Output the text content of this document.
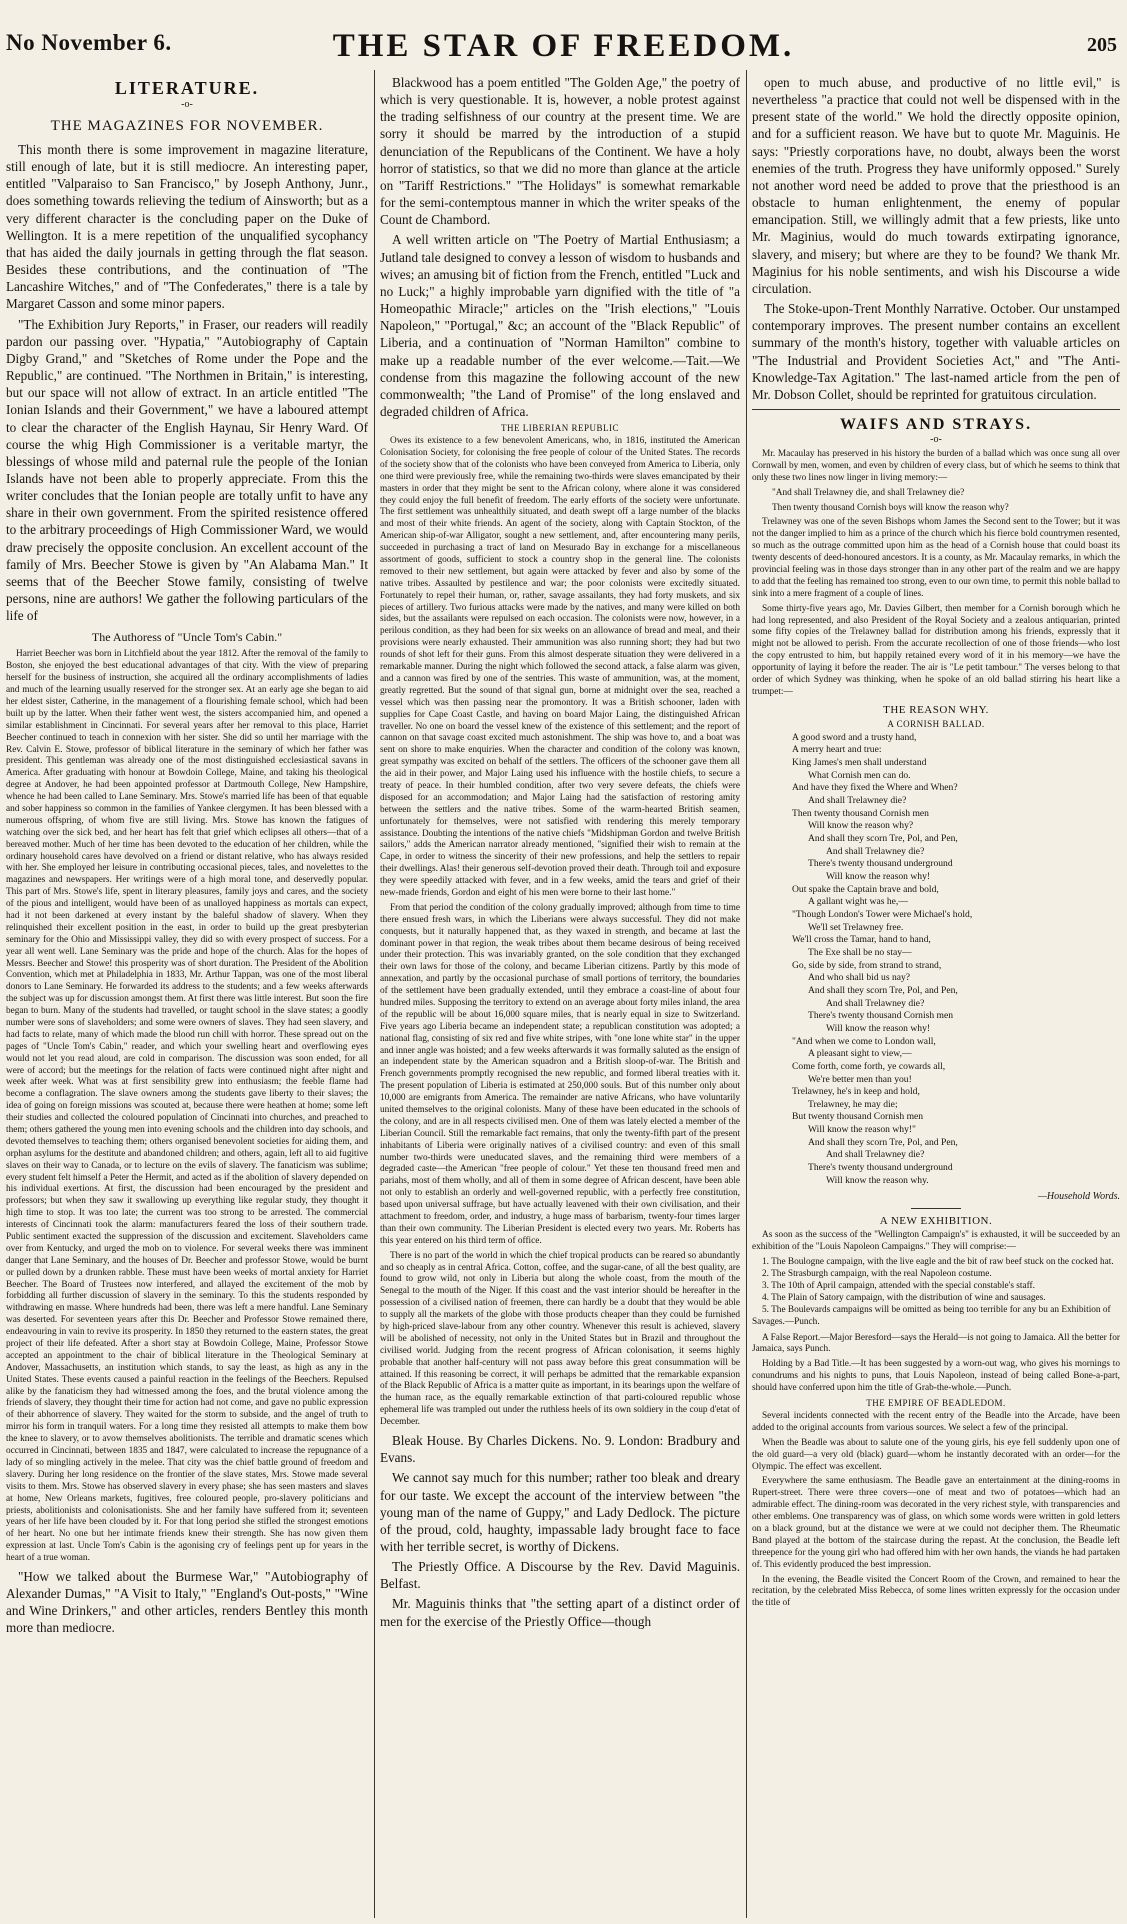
No November 6.	THE STAR OF FREEDOM.	205
LITERATURE.
-o-
THE MAGAZINES FOR NOVEMBER.

This month there is some improvement in magazine literature, still enough of late, but it is still mediocre. An interesting paper, entitled "Valparaiso to San Francisco," by Joseph Anthony, Junr., does something towards relieving the tedium of Ainsworth; but as a very different character is the concluding paper on the Duke of Wellington. It is a mere repetition of the unqualified sycophancy that has aided the daily journals in getting through the flat season. Besides these contributions, and the continuation of "The Lancashire Witches," and of "The Confederates," there is a tale by Margaret Casson and some minor papers.

"The Exhibition Jury Reports," in Fraser, our readers will readily pardon our passing over. "Hypatia," "Autobiography of Captain Digby Grand," and "Sketches of Rome under the Pope and the Republic," are continued. "The Northmen in Britain," is interesting, but our space will not allow of extract. In an article entitled "The Ionian Islands and their Government," we have a laboured attempt to clear the character of the English Haynau, Sir Henry Ward. Of course the whig High Commissioner is a veritable martyr, the blessings of whose mild and paternal rule the people of the Ionian Islands have not been able to properly appreciate. From this the writer concludes that the Ionian people are totally unfit to have any share in their own government. From the spirited resistence offered to the arbitrary proceedings of High Commissioner Ward, we would draw precisely the opposite conclusion. An excellent account of the family of Mrs. Beecher Stowe is given by "An Alabama Man." It seems that of the Beecher Stowe family, consisting of twelve persons, nine are authors! We gather the following particulars of the life of

The Authoress of "Uncle Tom's Cabin."

Harriet Beecher was born in Litchfield about the year 1812. After the removal of the family to Boston, she enjoyed the best educational advantages of that city. With the view of preparing herself for the business of instruction, she acquired all the ordinary accomplishments of ladies and much of the learning usually reserved for the stronger sex. At an early age she began to aid her eldest sister, Catherine, in the management of a flourishing female school, which had been built up by the latter. When their father went west, the sisters accompanied him, and opened a similar establishment in Cincinnati. For several years after her removal to this place, Harriet Beecher continued to teach in connexion with her sister. She did so until her marriage with the Rev. Calvin E. Stowe, professor of biblical literature in the seminary of which her father was president. This gentleman was already one of the most distinguished ecclesiastical savans in America. After graduating with honour at Bowdoin College, Maine, and taking his theological degree at Andover, he had been appointed professor at Dartmouth College, New Hampshire, whence he had been called to Lane Seminary. Mrs. Stowe's married life has been of that equable and sober happiness so common in the families of Yankee clergymen. It has been blessed with a numerous offspring, of whom five are still living. Mrs. Stowe has known the fatigues of watching over the sick bed, and her heart has felt that grief which eclipses all others—that of a bereaved mother. Much of her time has been devoted to the education of her children, while the ordinary household cares have devolved on a friend or distant relative, who has always resided with her. She employed her leisure in contributing occasional pieces, tales, and novelettes to the magazines and newspapers. Her writings were of a high moral tone, and deservedly popular. This part of Mrs. Stowe's life, spent in literary pleasures, family joys and cares, and the society of the pious and intelligent, would have been of as unalloyed happiness as mortals can expect, had it not been darkened at every instant by the baleful shadow of slavery. When they relinquished their excellent position in the east, in order to build up the great presbyterian seminary for the Ohio and Mississippi valley, they did so with every prospect of success. For a year all went well. Lane Seminary was the pride and hope of the church. Alas for the hopes of Messrs. Beecher and Stowe! this prosperity was of short duration. The President of the Abolition Convention, which met at Philadelphia in 1833, Mr. Arthur Tappan, was one of the most liberal donors to Lane Seminary. He forwarded its address to the students; and a few weeks afterwards the subject was up for discussion amongst them. At first there was little interest. But soon the fire began to burn. Many of the students had travelled, or taught school in the slave states; a goodly number were sons of slaveholders; and some were owners of slaves. They had seen slavery, and had facts to relate, many of which made the blood run chill with horror. These spread out on the pages of "Uncle Tom's Cabin," reader, and which your swelling heart and overflowing eyes would not let you read aloud, are cold in comparison. The discussion was soon ended, for all were of accord; but the meetings for the relation of facts were continued night after night and week after week. What was at first sensibility grew into enthusiasm; the feeble flame had become a conflagration. The slave owners among the students gave liberty to their slaves; the idea of going on foreign missions was scouted at, because there were heathen at home; some left their studies and collected the coloured population of Cincinnati into churches, and preached to them; others gathered the young men into evening schools and the children into day schools, and devoted themselves to teaching them; others organised benevolent societies for aiding them, and orphan asylums for the destitute and abandoned children; and others, again, left all to aid fugitive slaves on their way to Canada, or to lecture on the evils of slavery. The fanaticism was sublime; every student felt himself a Peter the Hermit, and acted as if the abolition of slavery depended on his individual exertions. At first, the discussion had been encouraged by the president and professors; but when they saw it swallowing up everything like regular study, they thought it high time to stop. It was too late; the current was too strong to be arrested. The commercial interests of Cincinnati took the alarm: manufacturers feared the loss of their southern trade. Public sentiment exacted the suppression of the discussion and excitement. Slaveholders came over from Kentucky, and urged the mob on to violence. For several weeks there was imminent danger that Lane Seminary, and the houses of Dr. Beecher and professor Stowe, would be burnt or pulled down by a drunken rabble. These must have been weeks of mortal anxiety for Harriet Beecher. The Board of Trustees now interfered, and allayed the excitement of the mob by forbidding all further discussion of slavery in the seminary. To this the students responded by withdrawing en masse. Where hundreds had been, there was left a mere handful. Lane Seminary was deserted. For seventeen years after this Dr. Beecher and Professor Stowe remained there, endeavouring in vain to revive its prosperity. In 1850 they returned to the eastern states, the great project of their life defeated. After a short stay at Bowdoin College, Maine, Professor Stowe accepted an appointment to the chair of biblical literature in the Theological Seminary at Andover, Massachusetts, an institution which stands, to say the least, as high as any in the United States. These events caused a painful reaction in the feelings of the Beechers. Repulsed alike by the fanaticism they had witnessed among the foes, and the brutal violence among the friends of slavery, they thought their time for action had not come, and gave no public expression of their abhorrence of slavery. They waited for the storm to subside, and the angel of truth to mirror his form in tranquil waters. For a long time they resisted all attempts to make them bow the knee to slavery, or to avow themselves abolitionists. The terrible and dramatic scenes which occurred in Cincinnati, between 1835 and 1847, were calculated to increase the repugnance of a lady of so mingling actively in the melee. That city was the chief battle ground of freedom and slavery. During her long residence on the frontier of the slave states, Mrs. Stowe made several visits to them. Mrs. Stowe has observed slavery in every phase; she has seen masters and slaves at home, New Orleans markets, fugitives, free coloured people, pro-slavery politicians and priests, abolitionists and colonisationists. She and her family have suffered from it; seventeen years of her life have been clouded by it. For that long period she stifled the strongest emotions of her heart. No one but her intimate friends knew their strength. She has now given them expression at last. Uncle Tom's Cabin is the agonising cry of feelings pent up for years in the heart of a true woman.

"How we talked about the Burmese War," "Autobiography of Alexander Dumas," "A Visit to Italy," "England's Out-posts," "Wine and Wine Drinkers," and other articles, renders Bentley this month more than mediocre.

Blackwood has a poem entitled "The Golden Age," the poetry of which is very questionable. It is, however, a noble protest against the trading selfishness of our country at the present time. We are sorry it should be marred by the introduction of a stupid denunciation of the Republicans of the Continent. We have a holy horror of statistics, so that we did no more than glance at the article on "Tariff Restrictions." "The Holidays" is somewhat remarkable for the semi-contemptous manner in which the writer speaks of the Count de Chambord.

A well written article on "The Poetry of Martial Enthusiasm; a Jutland tale designed to convey a lesson of wisdom to husbands and wives; an amusing bit of fiction from the French, entitled "Luck and no Luck;" a highly improbable yarn dignified with the title of "a Homeopathic Miracle;" articles on the "Irish elections," "Louis Napoleon," "Portugal," &c; an account of the "Black Republic" of Liberia, and a continuation of "Norman Hamilton" combine to make up a readable number of the ever welcome.—Tait.—We condense from this magazine the following account of the new commonwealth; "the Land of Promise" of the long enslaved and degraded children of Africa.

THE LIBERIAN REPUBLIC

Owes its existence to a few benevolent Americans, who, in 1816, instituted the American Colonisation Society, for colonising the free people of colour of the United States. The records of the society show that of the colonists who have been conveyed from America to Liberia, only one third were previously free, while the remaining two-thirds were slaves emancipated by their masters in order that they might be sent to the African colony, where alone it was considered they could enjoy the full benefit of freedom. The early efforts of the society were unfortunate. The first settlement was unhealthily situated, and death swept off a large number of the blacks and most of their white friends. An agent of the society, along with Captain Stockton, of the American ship-of-war Alligator, sought a new settlement, and, after encountering many perils, succeeded in purchasing a tract of land on Mesurado Bay in exchange for a miscellaneous assortment of goods, sufficient to stock a country shop in the general line. The colonists removed to their new settlement, but again were attacked by fever and also by some of the native tribes. Assaulted by pestilence and war; the poor colonists were excitedly situated. Fortunately to repel their human, or, rather, savage assailants, they had forty muskets, and six pieces of artillery. Two furious attacks were made by the natives, and many were killed on both sides, but the assailants were repulsed on each occasion. The colonists were now, however, in a perilous condition, as they had been for six weeks on an allowance of bread and meal, and their provisions were nearly exhausted. Their ammunition was also running short; they had but two rounds of shot left for their guns. From this almost desperate situation they were delivered in a remarkable manner. During the night which followed the second attack, a false alarm was given, and a cannon was fired by one of the sentries. This waste of ammunition, was, at the moment, greatly regretted. But the sound of that signal gun, borne at midnight over the sea, reached a vessel which was then passing near the promontory. It was a British schooner, laden with supplies for Cape Coast Castle, and having on board Major Laing, the distinguished African traveller. No one on board the vessel knew of the existence of this settlement; and the report of cannon on that savage coast excited much astonishment. The ship was hove to, and a boat was sent on shore to make enquiries. When the character and condition of the colony was known, great sympathy was excited on behalf of the settlers. The officers of the schooner gave them all the aid in their power, and Major Laing used his influence with the hostile chiefs, to secure a treaty of peace. In their humbled condition, after two very severe defeats, the chiefs were disposed for an accommodation; and Major Laing had the satisfaction of restoring amity between the settlers and the native tribes. Some of the warm-hearted British seamen, unfortunately for themselves, were not satisfied with rendering this merely temporary assistance. Doubting the intentions of the native chiefs "Midshipman Gordon and twelve British sailors," adds the American narrator already mentioned, "signified their wish to remain at the Cape, in order to witness the sincerity of their new professions, and help the settlers to repair their dwellings. Alas! their generous self-devotion proved their death. Through toil and exposure they were speedily attacked with fever, and in a few weeks, amid the tears and grief of their new-made friends, Gordon and eight of his men were borne to their last home."

From that period the condition of the colony gradually improved; although from time to time there ensued fresh wars, in which the Liberians were always successful. They did not make conquests, but it naturally happened that, as they waxed in strength, and became at last the dominant power in that region, the weak tribes about them became desirous of being received under their protection. This was invariably granted, on the sole condition that they exchanged their own laws for those of the colony, and became Liberian citizens. Partly by this mode of annexation, and partly by the occasional purchase of small portions of territory, the boundaries of the settlement have been gradually extended, until they embrace a coast-line of about four hundred miles. Supposing the territory to extend on an average about forty miles inland, the area of the republic will be about 16,000 square miles, that is nearly equal in size to Switzerland. Five years ago Liberia became an independent state; a republican constitution was adopted; a national flag, consisting of six red and five white stripes, with "one lone white star" in the upper and inner angle was hoisted; and a few weeks afterwards it was formally saluted as the ensign of an independent state by the American squadron and a British sloop-of-war. The British and French governments promptly recognised the new republic, and formed liberal treaties with it. The present population of Liberia is estimated at 250,000 souls. But of this number only about 10,000 are emigrants from America. The remainder are native Africans, who have voluntarily united themselves to the original colonists. Many of these have been educated in the schools of the colony, and are in all respects civilised men. One of them was lately elected a member of the Liberian Council. Still the remarkable fact remains, that only the twenty-fifth part of the present inhabitants of Liberia were originally natives of a civilised country: and even of this small number two-thirds were uneducated slaves, and the remaining third were members of a degraded caste—the American "free people of colour." Yet these ten thousand freed men and pariahs, most of them wholly, and all of them in some degree of African descent, have been able not only to establish an orderly and well-governed republic, with a perfectly free constitution, based upon universal suffrage, but have actually leavened with their own civilisation, and their attachment to freedom, order, and industry, a huge mass of barbarism, twenty-four times larger than their own community. The Liberian President is elected every two years. Mr. Roberts has this year entered on his third term of office.

There is no part of the world in which the chief tropical products can be reared so abundantly and so cheaply as in central Africa. Cotton, coffee, and the sugar-cane, of all the best quality, are found to grow wild, not only in Liberia but along the whole coast, from the mouth of the Senegal to the mouth of the Niger. If this coast and the vast interior should be hereafter in the possession of a civilised nation of freemen, there can hardly be a doubt that they would be able to supply all the markets of the globe with those products cheaper than they could be furnished by high-priced slave-labour from any other country. Whenever this result is achieved, slavery will be abolished of necessity, not only in the United States but in Brazil and throughout the civilised world. Judging from the recent progress of African colonisation, it seems highly probable that another half-century will not pass away before this great consummation will be attained. If this reasoning be correct, it will perhaps be admitted that the remarkable expansion of the Black Republic of Africa is a matter quite as important, in its bearings upon the welfare of the human race, as the equally remarkable extinction of that parti-coloured republic whose ephemeral life was trampled out under the ruthless heels of its own soldiery in the coup d'etat of December.

Bleak House. By Charles Dickens. No. 9. London: Bradbury and Evans.

We cannot say much for this number; rather too bleak and dreary for our taste. We except the account of the interview between "the young man of the name of Guppy," and Lady Dedlock. The picture of the proud, cold, haughty, impassable lady brought face to face with her terrible secret, is worthy of Dickens.

The Priestly Office. A Discourse by the Rev. David Maguinis. Belfast.

Mr. Maguinis thinks that "the setting apart of a distinct order of men for the exercise of the Priestly Office—though

open to much abuse, and productive of no little evil," is nevertheless "a practice that could not well be dispensed with in the present state of the world." We hold the directly opposite opinion, and for a sufficient reason. We have but to quote Mr. Maguinis. He says: "Priestly corporations have, no doubt, always been the worst enemies of the truth. Progress they have uniformly opposed." Surely not another word need be added to prove that the priesthood is an obstacle to human enlightenment, the enemy of popular emancipation. Still, we willingly admit that a few priests, like unto Mr. Maginius, would do much towards extirpating ignorance, slavery, and misery; but where are they to be found? We thank Mr. Maginius for his noble sentiments, and wish his Discourse a wide circulation.

The Stoke-upon-Trent Monthly Narrative. October. Our unstamped contemporary improves. The present number contains an excellent summary of the month's history, together with valuable articles on "The Industrial and Provident Societies Act," and "The Anti-Knowledge-Tax Agitation." The last-named article from the pen of Mr. Dobson Collet, should be reprinted for gratuitous circulation.

WAIFS AND STRAYS.
-o-

Mr. Macaulay has preserved in his history the burden of a ballad which was once sung all over Cornwall by men, women, and even by children of every class, but of which he seems to think that only these two lines now linger in living memory:—

"And shall Trelawney die, and shall Trelawney die?

Then twenty thousand Cornish boys will know the reason why?

Trelawney was one of the seven Bishops whom James the Second sent to the Tower; but it was not the danger implied to him as a prince of the church which his fierce bold countrymen resented, so much as the outrage committed upon him as the head of a Cornish house that could boast its twenty descents of deed-honoured ancestors. It is a county, as Mr. Macaulay remarks, in which the provincial feeling was in those days stronger than in any other part of the realm and we are happy to add that the feeling has remained too strong, even to our own time, to permit this noble ballad to sink into a mere fragment of a couple of lines.

Some thirty-five years ago, Mr. Davies Gilbert, then member for a Cornish borough which he had long represented, and also President of the Royal Society and a zealous antiquarian, printed some fifty copies of the Trelawney ballad for distribution among his friends, expressly that it might not be allowed to perish. From the accurate recollection of one of those friends—who lost the copy entrusted to him, but happily retained every word of it in his memory—we have the opportunity of laying it before the reader. The air is "Le petit tambour." The verses belong to that order of which Sydney was thinking, when he spoke of an old ballad stirring his heart like a trumpet:—

THE REASON WHY.
A CORNISH BALLAD.
A good sword and a trusty hand,
A merry heart and true:
King James's men shall understand
What Cornish men can do.
And have they fixed the Where and When?
And shall Trelawney die?
Then twenty thousand Cornish men
Will know the reason why?
And shall they scorn Tre, Pol, and Pen,
And shall Trelawney die?
There's twenty thousand underground
Will know the reason why!
Out spake the Captain brave and bold,
A gallant wight was he,—
"Though London's Tower were Michael's hold,
We'll set Trelawney free.
We'll cross the Tamar, hand to hand,
The Exe shall be no stay—
Go, side by side, from strand to strand,
And who shall bid us nay?
And shall they scorn Tre, Pol, and Pen,
And shall Trelawney die?
There's twenty thousand Cornish men
Will know the reason why!
"And when we come to London wall,
A pleasant sight to view,—
Come forth, come forth, ye cowards all,
We're better men than you!
Trelawney, he's in keep and hold,
Trelawney, he may die;
But twenty thousand Cornish men
Will know the reason why!"
And shall they scorn Tre, Pol, and Pen,
And shall Trelawney die?
There's twenty thousand underground
Will know the reason why.
—Household Words.
A NEW EXHIBITION.

As soon as the success of the "Wellington Campaign's" is exhausted, it will be succeeded by an exhibition of the "Louis Napoleon Campaigns." They will comprise:—

1. The Boulogne campaign, with the live eagle and the bit of raw beef stuck on the cocked hat.
2. The Strasburgh campaign, with the real Napoleon costume.
3. The 10th of April campaign, attended with the special constable's staff.
4. The Plain of Satory campaign, with the distribution of wine and sausages.
5. The Boulevards campaigns will be omitted as being too terrible for any bu an Exhibition of Savages.—Punch.

A False Report.—Major Beresford—says the Herald—is not going to Jamaica. All the better for Jamaica, says Punch.

Holding by a Bad Title.—It has been suggested by a worn-out wag, who gives his mornings to conundrums and his nights to puns, that Louis Napoleon, instead of being called Bone-a-part, should have conferred upon him the title of Grab-the-whole.—Punch.

THE EMPIRE OF BEADLEDOM.

Several incidents connected with the recent entry of the Beadle into the Arcade, have been added to the original accounts from various sources. We select a few of the principal.

When the Beadle was about to salute one of the young girls, his eye fell suddenly upon one of the old guard—a very old (black) guard—whom he instantly decorated with an order—for the Olympic. The effect was excellent.

Everywhere the same enthusiasm. The Beadle gave an entertainment at the dining-rooms in Rupert-street. There were three covers—one of meat and two of potatoes—which had an admirable effect. The dining-room was decorated in the very richest style, with transparencies and other emblems. One transparency was of glass, on which some words were written in gold letters on a black ground, but at the distance we were at we could not decipher them. The Rheumatic Band played at the bottom of the staircase during the repast. At the conclusion, the Beadle left threepence for the young girl who had offered him with her own hands, the viands he had partaken of. This evidently produced the best impression.

In the evening, the Beadle visited the Concert Room of the Crown, and remained to hear the recitation, by the celebrated Miss Rebecca, of some lines written expressly for the occasion under the title of
